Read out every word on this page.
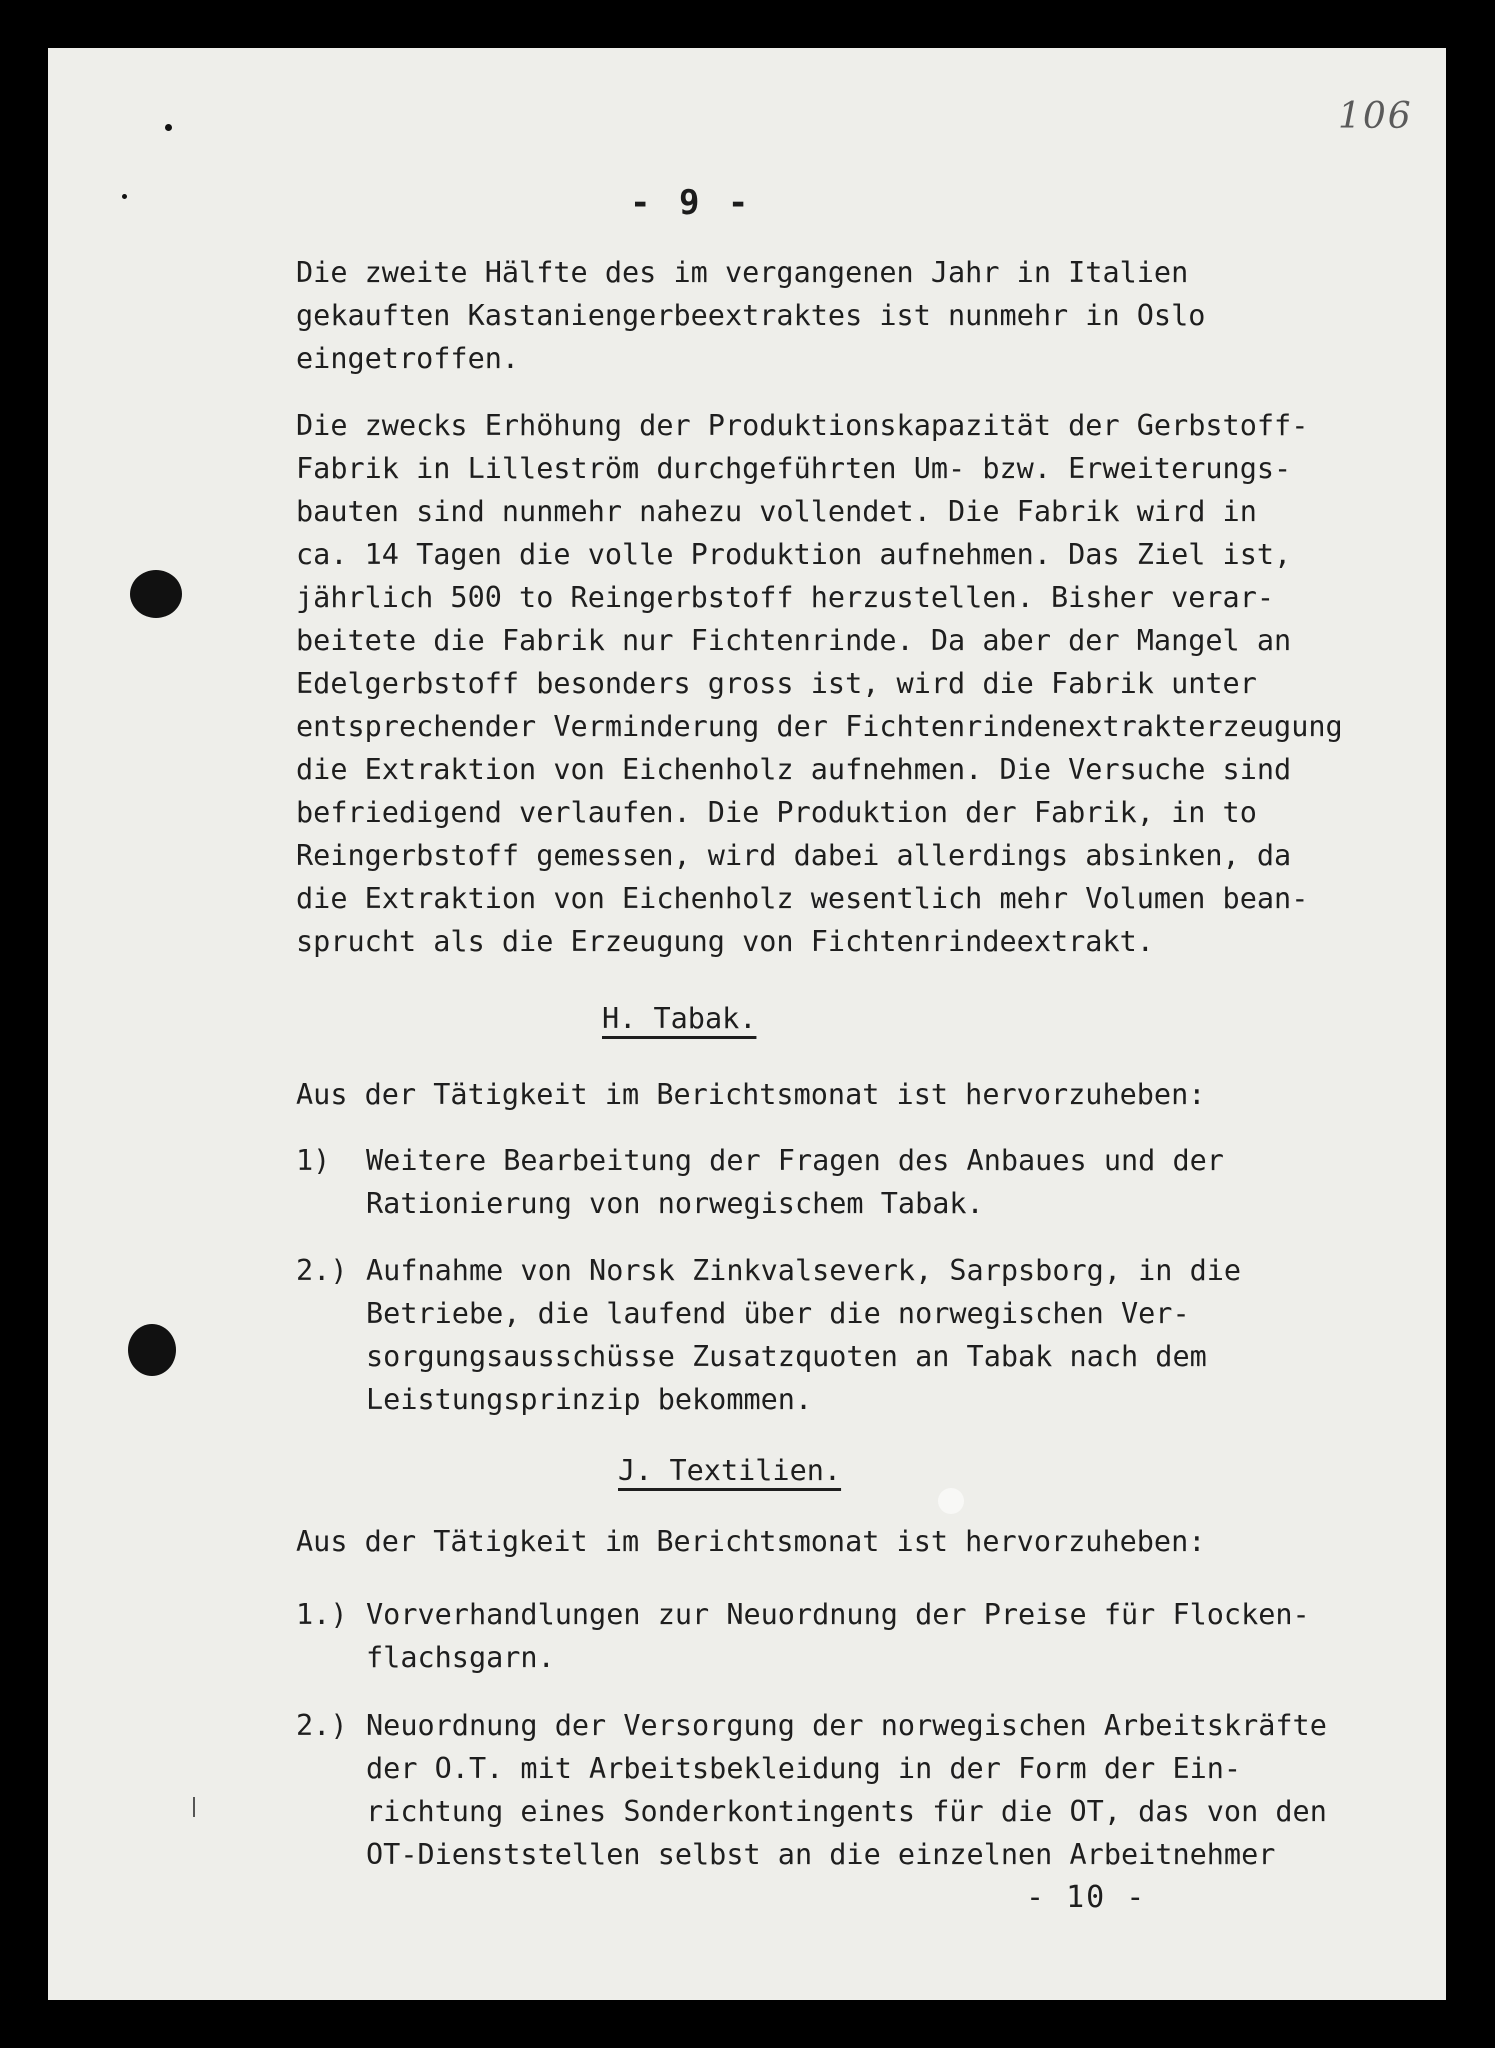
106
- 9 -
Die zweite Hälfte des im vergangenen Jahr in Italien
gekauften Kastaniengerbeextraktes ist nunmehr in Oslo
eingetroffen.
Die zwecks Erhöhung der Produktionskapazität der Gerbstoff-
Fabrik in Lilleström durchgeführten Um- bzw. Erweiterungs-
bauten sind nunmehr nahezu vollendet. Die Fabrik wird in
ca. 14 Tagen die volle Produktion aufnehmen. Das Ziel ist,
jährlich 500 to Reingerbstoff herzustellen. Bisher verar-
beitete die Fabrik nur Fichtenrinde. Da aber der Mangel an
Edelgerbstoff besonders gross ist, wird die Fabrik unter
entsprechender Verminderung der Fichtenrindenextrakterzeugung
die Extraktion von Eichenholz aufnehmen. Die Versuche sind
befriedigend verlaufen. Die Produktion der Fabrik, in to
Reingerbstoff gemessen, wird dabei allerdings absinken, da
die Extraktion von Eichenholz wesentlich mehr Volumen bean-
sprucht als die Erzeugung von Fichtenrindeextrakt.
H. Tabak.
Aus der Tätigkeit im Berichtsmonat ist hervorzuheben:

1)

Weitere Bearbeitung der Fragen des Anbaues und der
Rationierung von norwegischem Tabak.

2.)

Aufnahme von Norsk Zinkvalseverk, Sarpsborg, in die
Betriebe, die laufend über die norwegischen Ver-
sorgungsausschüsse Zusatzquoten an Tabak nach dem
Leistungsprinzip bekommen.

J. Textilien.
Aus der Tätigkeit im Berichtsmonat ist hervorzuheben:

1.)

Vorverhandlungen zur Neuordnung der Preise für Flocken-
flachsgarn.

2.)

Neuordnung der Versorgung der norwegischen Arbeitskräfte
der O.T. mit Arbeitsbekleidung in der Form der Ein-
richtung eines Sonderkontingents für die OT, das von den
OT-Dienststellen selbst an die einzelnen Arbeitnehmer

- 10 -
